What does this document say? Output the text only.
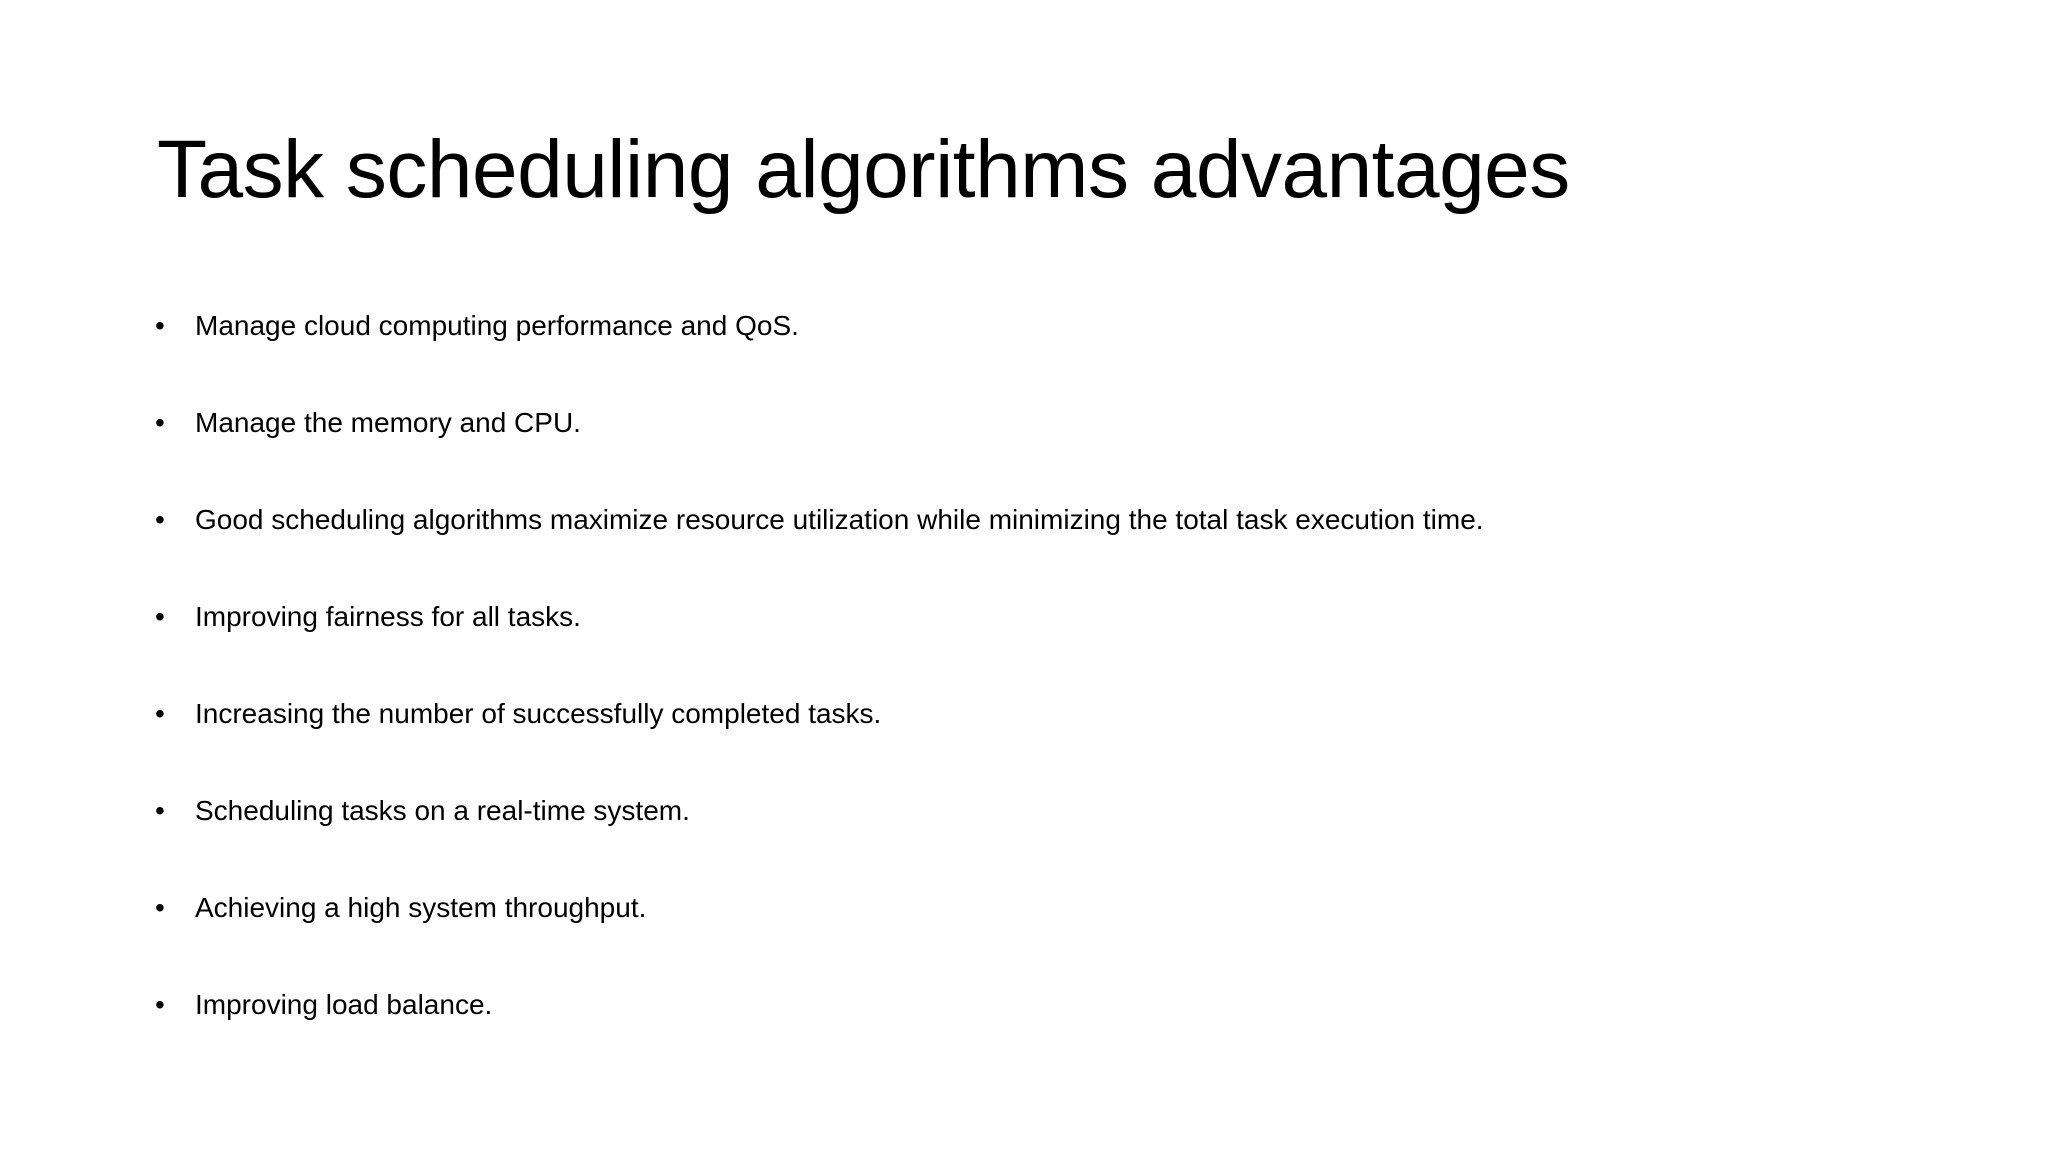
Task scheduling algorithms advantages
•	Manage cloud computing performance and QoS.
•	Manage the memory and CPU.
•	Good scheduling algorithms maximize resource utilization while minimizing the total task execution time.
•	Improving fairness for all tasks.
•	Increasing the number of successfully completed tasks.
•	Scheduling tasks on a real-time system.
•	Achieving a high system throughput.
•	Improving load balance.
